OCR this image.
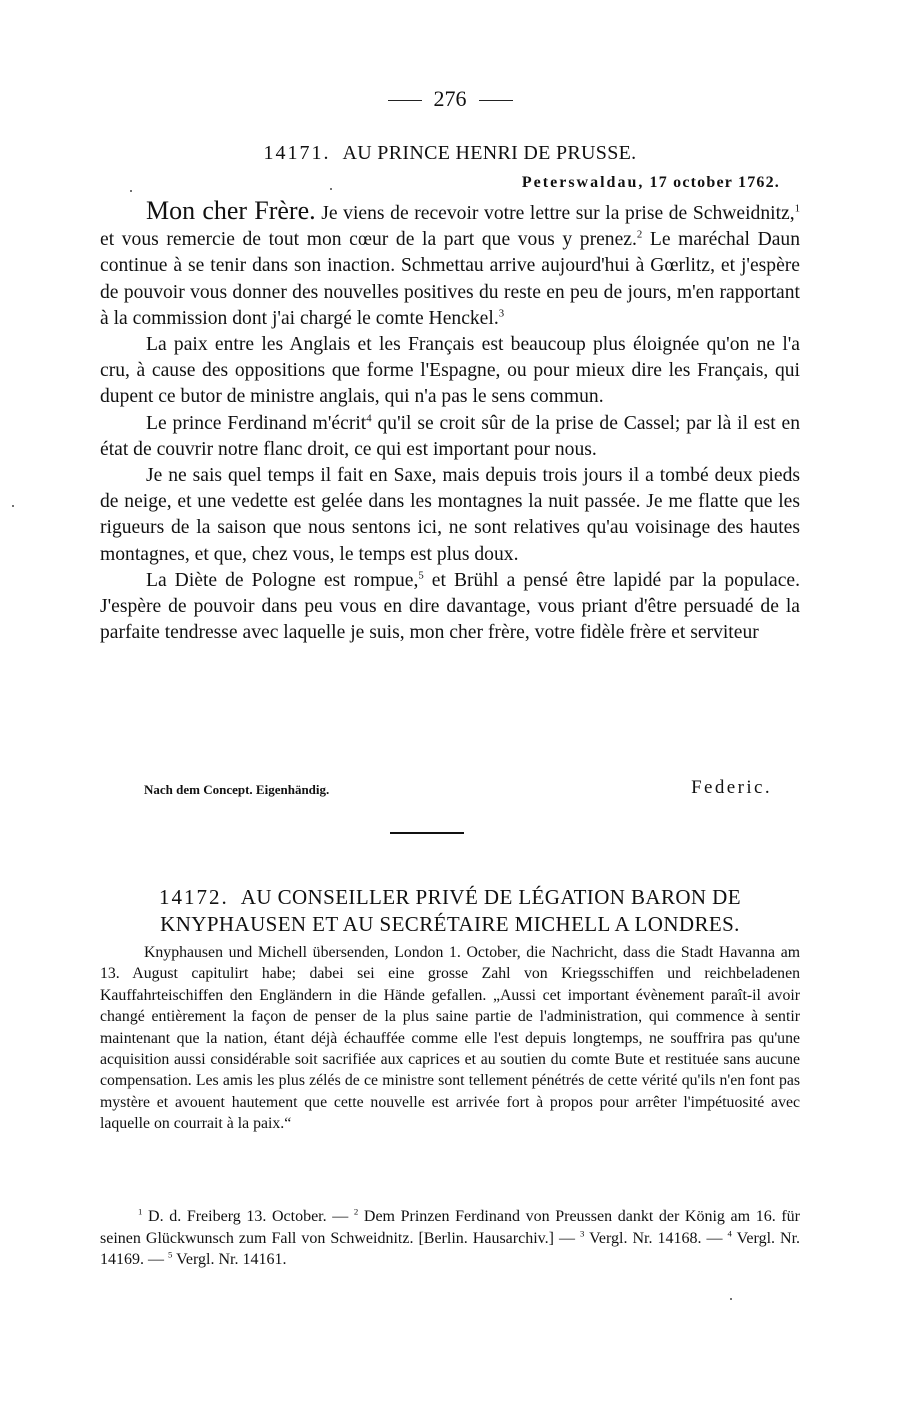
276
14171. AU PRINCE HENRI DE PRUSSE.
Peterswaldau, 17 october 1762.

Mon cher Frère. Je viens de recevoir votre lettre sur la prise de Schweidnitz,$^1$ et vous remercie de tout mon cœur de la part que vous y prenez.$^2$ Le maréchal Daun continue à se tenir dans son inaction. Schmettau arrive aujourd'hui à Gœrlitz, et j'espère de pouvoir vous donner des nouvelles positives du reste en peu de jours, m'en rapportant à la commission dont j'ai chargé le comte Henckel.$^3$

La paix entre les Anglais et les Français est beaucoup plus éloignée qu'on ne l'a cru, à cause des oppositions que forme l'Espagne, ou pour mieux dire les Français, qui dupent ce butor de ministre anglais, qui n'a pas le sens commun.

Le prince Ferdinand m'écrit$^4$ qu'il se croit sûr de la prise de Cassel; par là il est en état de couvrir notre flanc droit, ce qui est important pour nous.

Je ne sais quel temps il fait en Saxe, mais depuis trois jours il a tombé deux pieds de neige, et une vedette est gelée dans les montagnes la nuit passée. Je me flatte que les rigueurs de la saison que nous sentons ici, ne sont relatives qu'au voisinage des hautes montagnes, et que, chez vous, le temps est plus doux.

La Diète de Pologne est rompue,$^5$ et Brühl a pensé être lapidé par la populace. J'espère de pouvoir dans peu vous en dire davantage, vous priant d'être persuadé de la parfaite tendresse avec laquelle je suis, mon cher frère, votre fidèle frère et serviteur

Nach dem Concept. Eigenhändig.	Federic.
14172. AU CONSEILLER PRIVÉ DE LÉGATION BARON DE
KNYPHAUSEN ET AU SECRÉTAIRE MICHELL A LONDRES.

Knyphausen und Michell übersenden, London 1. October, die Nachricht, dass die Stadt Havanna am 13. August capitulirt habe; dabei sei eine grosse Zahl von Kriegsschiffen und reichbeladenen Kauffahrteischiffen den Engländern in die Hände gefallen. „Aussi cet important évènement paraît-il avoir changé entièrement la façon de penser de la plus saine partie de l'administration, qui commence à sentir maintenant que la nation, étant déjà échauffée comme elle l'est depuis longtemps, ne souffrira pas qu'une acquisition aussi considérable soit sacrifiée aux caprices et au soutien du comte Bute et restituée sans aucune compensation. Les amis les plus zélés de ce ministre sont tellement pénétrés de cette vérité qu'ils n'en font pas mystère et avouent hautement que cette nouvelle est arrivée fort à propos pour arrêter l'impétuosité avec laquelle on courrait à la paix.“

$^1$ D. d. Freiberg 13. October. — $^2$ Dem Prinzen Ferdinand von Preussen dankt der König am 16. für seinen Glückwunsch zum Fall von Schweidnitz. [Berlin. Hausarchiv.] — $^3$ Vergl. Nr. 14168. — $^4$ Vergl. Nr. 14169. — $^5$ Vergl. Nr. 14161.
